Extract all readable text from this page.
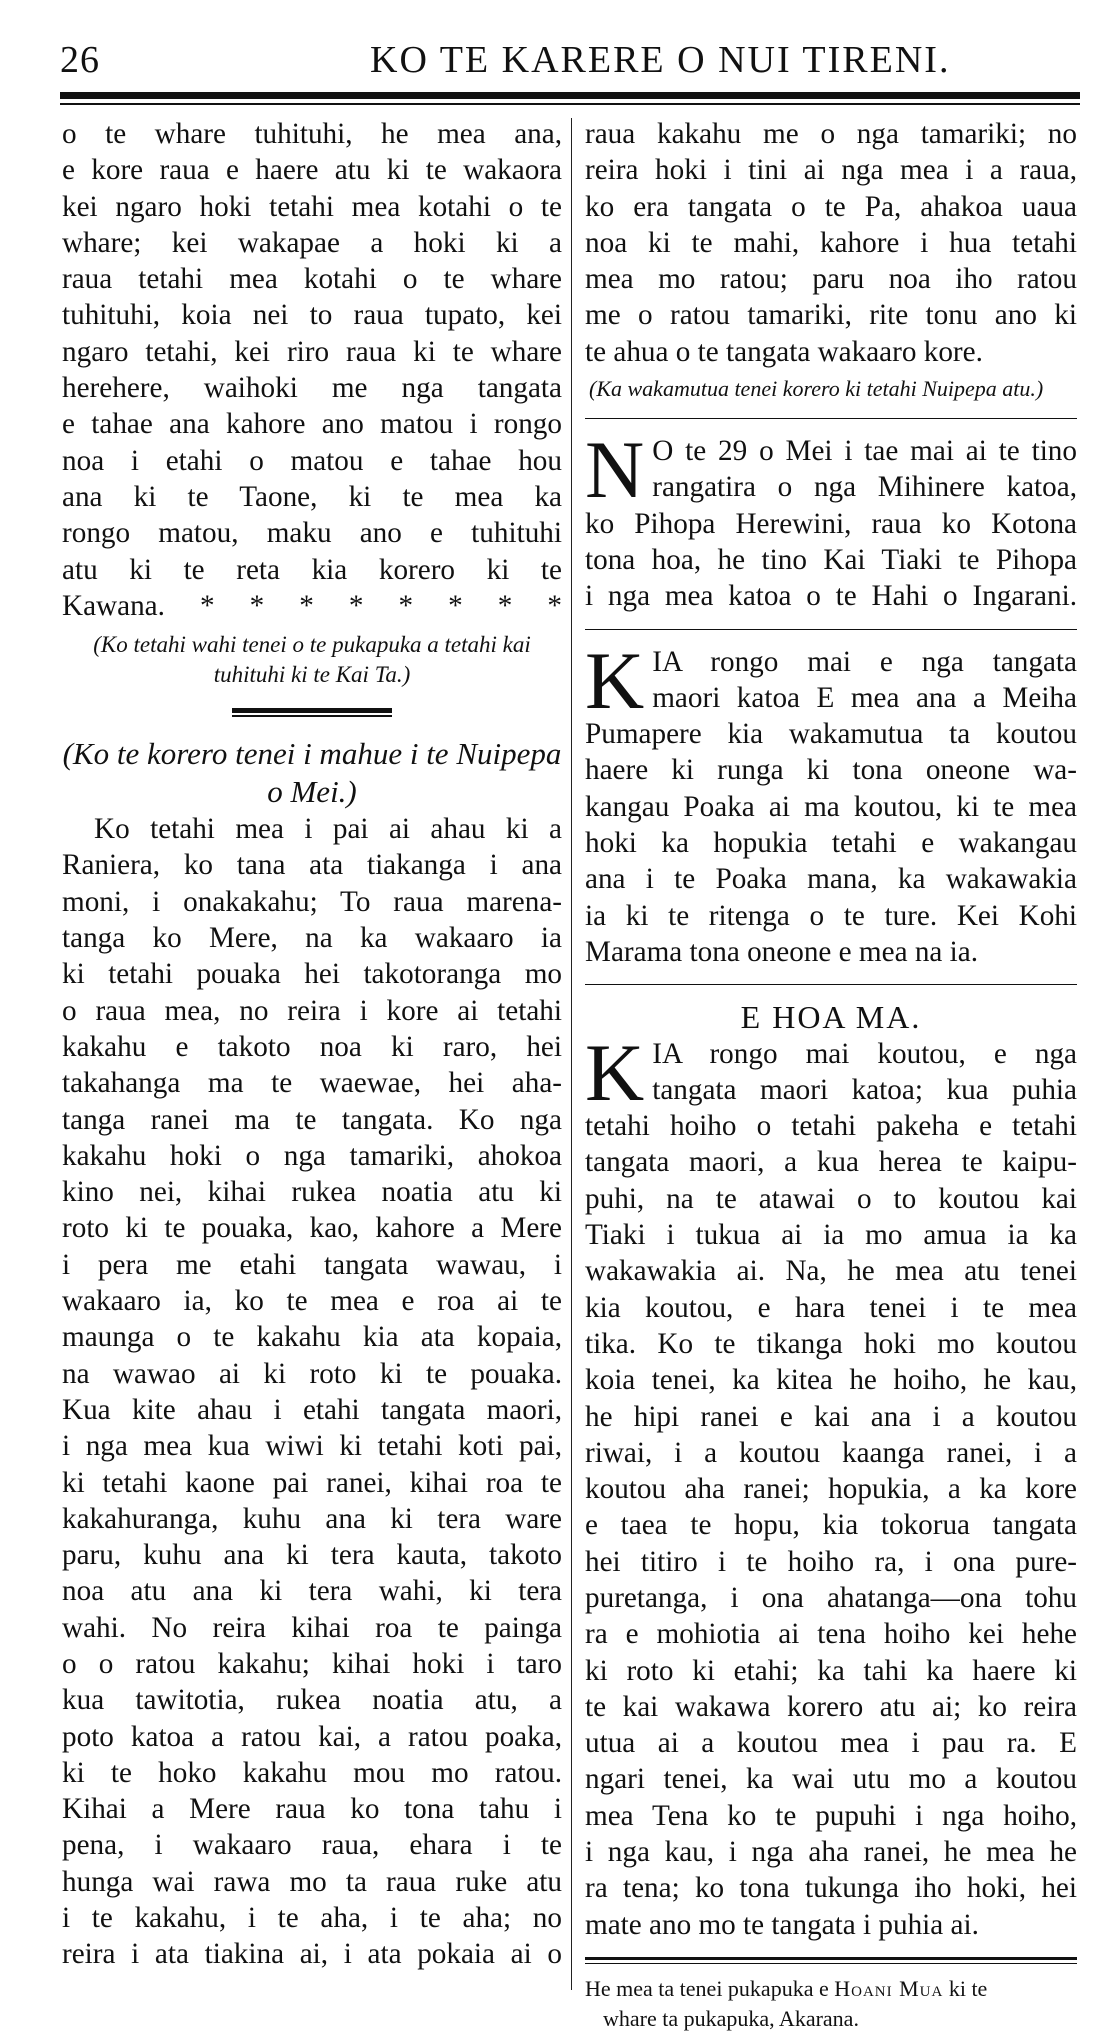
26	KO TE KARERE O NUI TIRENI.

o te whare tuhituhi, he mea ana,
e kore raua e haere atu ki te wakaora
kei ngaro hoki tetahi mea kotahi o te
whare; kei wakapae a hoki ki a
raua tetahi mea kotahi o te whare
tuhituhi, koia nei to raua tupato, kei
ngaro tetahi, kei riro raua ki te whare
herehere, waihoki me nga tangata
e tahae ana kahore ano matou i rongo
noa i etahi o matou e tahae hou
ana ki te Taone, ki te mea ka
rongo matou, maku ano e tuhituhi
atu ki te reta kia korero ki te
Kawana. * * * * * * * *

(Ko tetahi wahi tenei o te pukapuka a tetahi kai tuhituhi ki te Kai Ta.)

(Ko te korero tenei i mahue i te Nuipepa o Mei.)

Ko tetahi mea i pai ai ahau ki a
Raniera, ko tana ata tiakanga i ana
moni, i onakakahu; To raua marena-
tanga ko Mere, na ka wakaaro ia
ki tetahi pouaka hei takotoranga mo
o raua mea, no reira i kore ai tetahi
kakahu e takoto noa ki raro, hei
takahanga ma te waewae, hei aha-
tanga ranei ma te tangata. Ko nga
kakahu hoki o nga tamariki, ahokoa
kino nei, kihai rukea noatia atu ki
roto ki te pouaka, kao, kahore a Mere
i pera me etahi tangata wawau, i
wakaaro ia, ko te mea e roa ai te
maunga o te kakahu kia ata kopaia,
na wawao ai ki roto ki te pouaka.
Kua kite ahau i etahi tangata maori,
i nga mea kua wiwi ki tetahi koti pai,
ki tetahi kaone pai ranei, kihai roa te
kakahuranga, kuhu ana ki tera ware
paru, kuhu ana ki tera kauta, takoto
noa atu ana ki tera wahi, ki tera
wahi. No reira kihai roa te painga
o o ratou kakahu; kihai hoki i taro
kua tawitotia, rukea noatia atu, a
poto katoa a ratou kai, a ratou poaka,
ki te hoko kakahu mou mo ratou.
Kihai a Mere raua ko tona tahu i
pena, i wakaaro raua, ehara i te
hunga wai rawa mo ta raua ruke atu
i te kakahu, i te aha, i te aha; no
reira i ata tiakina ai, i ata pokaia ai o

raua kakahu me o nga tamariki; no
reira hoki i tini ai nga mea i a raua,
ko era tangata o te Pa, ahakoa uaua
noa ki te mahi, kahore i hua tetahi
mea mo ratou; paru noa iho ratou
me o ratou tamariki, rite tonu ano ki
te ahua o te tangata wakaaro kore.

(Ka wakamutua tenei korero ki tetahi Nuipepa atu.)

N O te 29 o Mei i tae mai ai te tino
rangatira o nga Mihinere katoa,
ko Pihopa Herewini, raua ko Kotona
tona hoa, he tino Kai Tiaki te Pihopa
i nga mea katoa o te Hahi o Ingarani.
K IA rongo mai e nga tangata
maori katoa E mea ana a Meiha
Pumapere kia wakamutua ta koutou
haere ki runga ki tona oneone wa-
kangau Poaka ai ma koutou, ki te mea
hoki ka hopukia tetahi e wakangau
ana i te Poaka mana, ka wakawakia
ia ki te ritenga o te ture. Kei Kohi
Marama tona oneone e mea na ia.

E HOA MA.

K IA rongo mai koutou, e nga
tangata maori katoa; kua puhia
tetahi hoiho o tetahi pakeha e tetahi
tangata maori, a kua herea te kaipu-
puhi, na te atawai o to koutou kai
Tiaki i tukua ai ia mo amua ia ka
wakawakia ai. Na, he mea atu tenei
kia koutou, e hara tenei i te mea
tika. Ko te tikanga hoki mo koutou
koia tenei, ka kitea he hoiho, he kau,
he hipi ranei e kai ana i a koutou
riwai, i a koutou kaanga ranei, i a
koutou aha ranei; hopukia, a ka kore
e taea te hopu, kia tokorua tangata
hei titiro i te hoiho ra, i ona pure-
puretanga, i ona ahatanga—ona tohu
ra e mohiotia ai tena hoiho kei hehe
ki roto ki etahi; ka tahi ka haere ki
te kai wakawa korero atu ai; ko reira
utua ai a koutou mea i pau ra. E
ngari tenei, ka wai utu mo a koutou
mea Tena ko te pupuhi i nga hoiho,
i nga kau, i nga aha ranei, he mea he
ra tena; ko tona tukunga iho hoki, hei
mate ano mo te tangata i puhia ai.
He mea ta tenei pukapuka e Hoani Mua ki te
whare ta pukapuka, Akarana.
